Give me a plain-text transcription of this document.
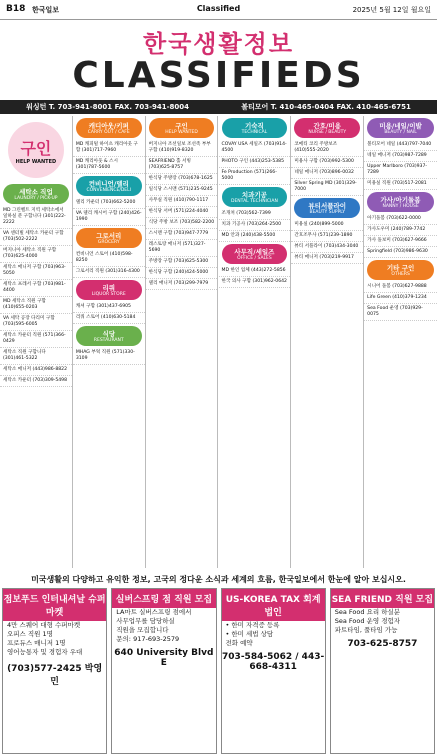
B18 한국일보	Classified	2025년 5월 12일 월요일
한국생활정보
CLASSIFIEDS
워싱턴 T. 703-941-8001 FAX. 703-941-8004	볼티모어 T. 410-465-0404 FAX. 410-465-6751
구인
HELP WANTED
세탁소 직업
LAUNDRY / PICK-UP
MD 그린벨트 지역 세탁소에서 일하실 분 구합니다 (301)222-2222
VA 센터빌 세탁소 카운터 구함 (703)502-2222
버지니아 세탁소 직원 구함 (703)625-4000
세탁소 매니저 구함 (703)963-5050
세탁소 프레서 구함 (703)981-4400
MD 세탁소 직원 구함 (410)655-0203
VA 세탁 공장 다리미 구함 (703)595-6005
세탁소 카운터 직원 (571)366-0429
세탁소 직원 구합니다 (301)461-5322
세탁소 매니저 (443)986-8822
세탁소 카운터 (703)309-5498
캐디아웃/키퍼
CARRY OUT / CAFE
MD 캐피털 하이츠 캐리아웃 구함 (301)717-7960
MD 캐리아웃 & 스시 (301)787-5600
컨비니언/델리
CONVENIENCE/DELI
델리 카운터 (703)662-5200
VA 델리 캐시어 구함 (240)426-1990
그로서리
GROCERY
컨비니언 스토어 (410)598-8250
그로서리 직원 (301)316-4300
리쿼
LIQUOR STORE
캐셔 구함 (301)437-6905
리쿼 스토어 (410)630-5184
식당
RESTAURANT
MHAG 부엌 직원 (571)330-3109
구인
HELP WANTED
버지니아 조선일보 조선족 부부 구함 (410)919-8320
SEAFRIEND 홀 서빙 (703)625-8757
한식당 주방장 (703)678-1625
일식당 스시맨 (571)235-9245
사무실 직원 (410)790-1117
한식당 서버 (571)224-4040
식당 주방 보조 (703)582-2200
스시맨 구함 (703)947-7779
레스토랑 매니저 (571)327-5690
주방장 구함 (703)625-5300
한식당 구함 (240)424-5000
델리 매니저 (703)299-7979
기숙직
TECHNICAL
COVAY USA 세일즈 (703)914-4500
PHOTO 구인 (443)253-5385
Fe Production (571)266-5000
치과기공
DENTAL TECHNICIAN
조개쳐 (703)562-7399
치과 기공사 (703)264-2500
MD 안과 (240)438-5500
사무직/세일즈
OFFICE / SALES
MD 한인 업체 (443)272-5856
한국 의사 구함 (301)962-0642
간호/미용
NURSE / BEAUTY
코메티 코리 주방보조 (410)555-2020
미용사 구함 (703)992-5300
네일 매니저 (703)896-0032
Silver Spring MD (301)329-7000
뷰티서플라이
BEAUTY SUPPLY
미용실 (240)899-5000
간호조무사 (571)239-1890
뷰티 서플라이 (703)434-3040
뷰티 매니저 (703)219-9917
미용/네일/이발
BEAUTY / NAIL
볼티모어 네일 (443)797-7040
네일 매니저 (703)987-7289
Upper Marlboro (703)937-7289
미용실 직원 (703)517-2081
가사/아기돌봄
NANNY / HOUSE
아기돌봄 (703)622-0000
가사도우미 (240)789-7742
가사 돌보미 (703)627-9666
Springfield (703)986-9630
기타 구인
OTHERS
시니어 돌봄 (703)627-9888
Life Green (410)379-1234
Sea Food 운영 (703)929-0075
미국생활의 다양하고 유익한 정보, 고국의 정다운 소식과 세계의 흐름, 한국일보에서 한눈에 알아 보십시오.
점보푸드 인터내셔날 슈퍼마켓
4만 스퀘어 대형 수퍼마켓
오피스 직원 1명
프로듀스 매니저 1명
영어능통자 및 경험자 우대
(703)577-2425 박영민
실버스프링 점 직원 모집
LA마트 실버스프링 점에서
사무업무를 담당하실
직원을 모집합니다
문의: 917-693-2579
640 University Blvd E
US-KOREA TAX 회계법인
• 한미 자격증 등록
• 한미 세법 상담
전화 예약
703-584-5062 / 443-668-4311
SEA FRIEND 직원 모집
Sea Food 요리 하실분
Sea Food 운영 경험자
파트타임, 풀타임 가능
703-625-8757
